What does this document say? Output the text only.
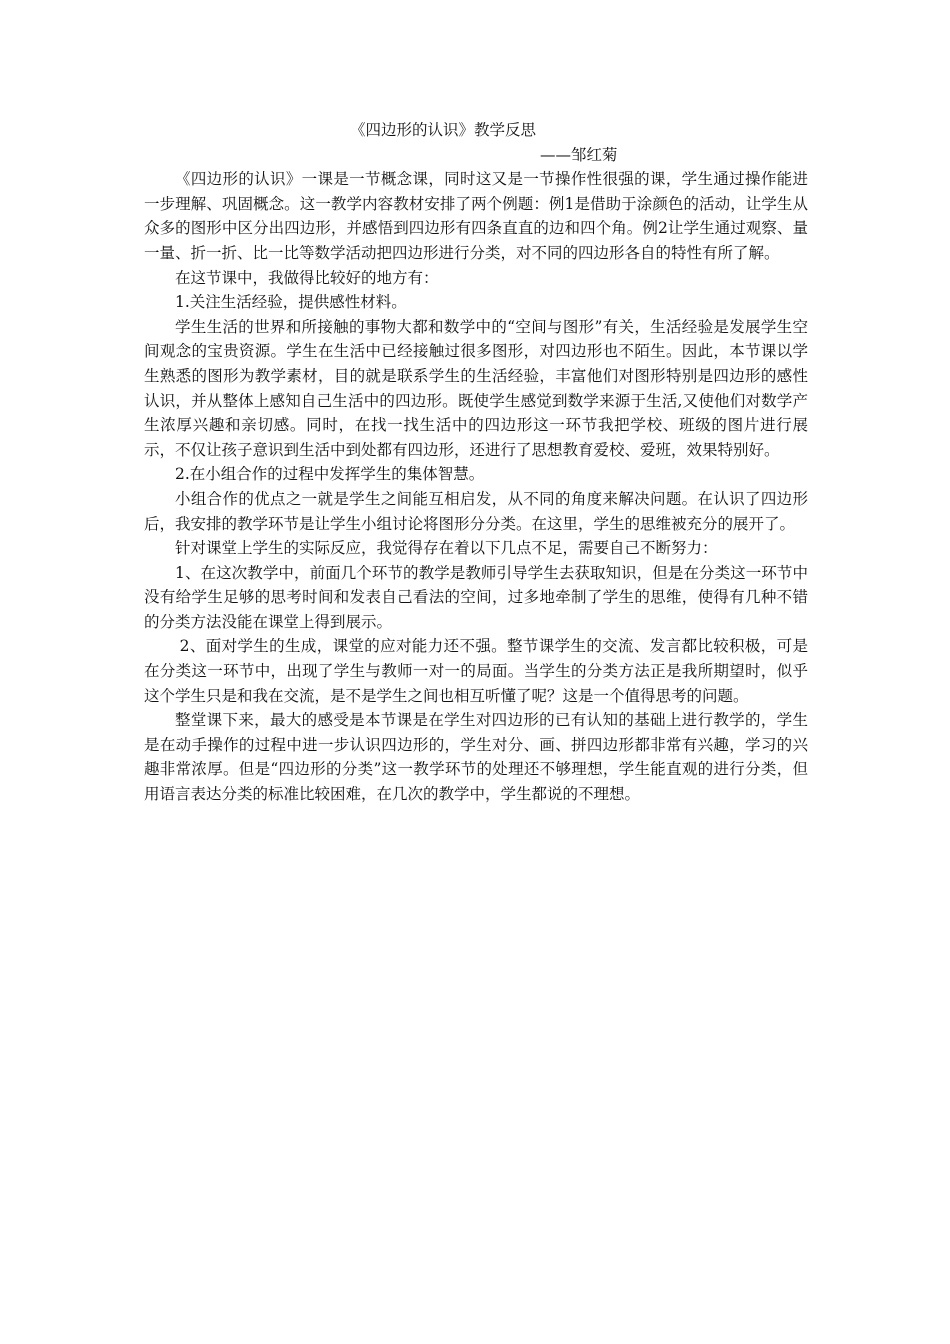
《四边形的认识》教学反思

——邹红菊

《四边形的认识》一课是一节概念课，同时这又是一节操作性很强的课，学生通过操作能进一步理解、巩固概念。这一教学内容教材安排了两个例题：例1是借助于涂颜色的活动，让学生从众多的图形中区分出四边形，并感悟到四边形有四条直直的边和四个角。例2让学生通过观察、量一量、折一折、比一比等数学活动把四边形进行分类，对不同的四边形各自的特性有所了解。

在这节课中，我做得比较好的地方有：

1.关注生活经验，提供感性材料。

学生生活的世界和所接触的事物大都和数学中的“空间与图形”有关，生活经验是发展学生空间观念的宝贵资源。学生在生活中已经接触过很多图形，对四边形也不陌生。因此，本节课以学生熟悉的图形为教学素材，目的就是联系学生的生活经验，丰富他们对图形特别是四边形的感性认识，并从整体上感知自己生活中的四边形。既使学生感觉到数学来源于生活,又使他们对数学产生浓厚兴趣和亲切感。同时，在找一找生活中的四边形这一环节我把学校、班级的图片进行展示，不仅让孩子意识到生活中到处都有四边形，还进行了思想教育爱校、爱班，效果特别好。

2.在小组合作的过程中发挥学生的集体智慧。

小组合作的优点之一就是学生之间能互相启发，从不同的角度来解决问题。在认识了四边形后，我安排的教学环节是让学生小组讨论将图形分分类。在这里，学生的思维被充分的展开了。

针对课堂上学生的实际反应，我觉得存在着以下几点不足，需要自己不断努力：

1、在这次教学中，前面几个环节的教学是教师引导学生去获取知识，但是在分类这一环节中没有给学生足够的思考时间和发表自己看法的空间，过多地牵制了学生的思维，使得有几种不错的分类方法没能在课堂上得到展示。

2、面对学生的生成，课堂的应对能力还不强。整节课学生的交流、发言都比较积极，可是在分类这一环节中，出现了学生与教师一对一的局面。当学生的分类方法正是我所期望时，似乎这个学生只是和我在交流，是不是学生之间也相互听懂了呢？这是一个值得思考的问题。

整堂课下来，最大的感受是本节课是在学生对四边形的已有认知的基础上进行教学的，学生是在动手操作的过程中进一步认识四边形的，学生对分、画、拼四边形都非常有兴趣，学习的兴趣非常浓厚。但是“四边形的分类”这一教学环节的处理还不够理想，学生能直观的进行分类，但用语言表达分类的标准比较困难，在几次的教学中，学生都说的不理想。
